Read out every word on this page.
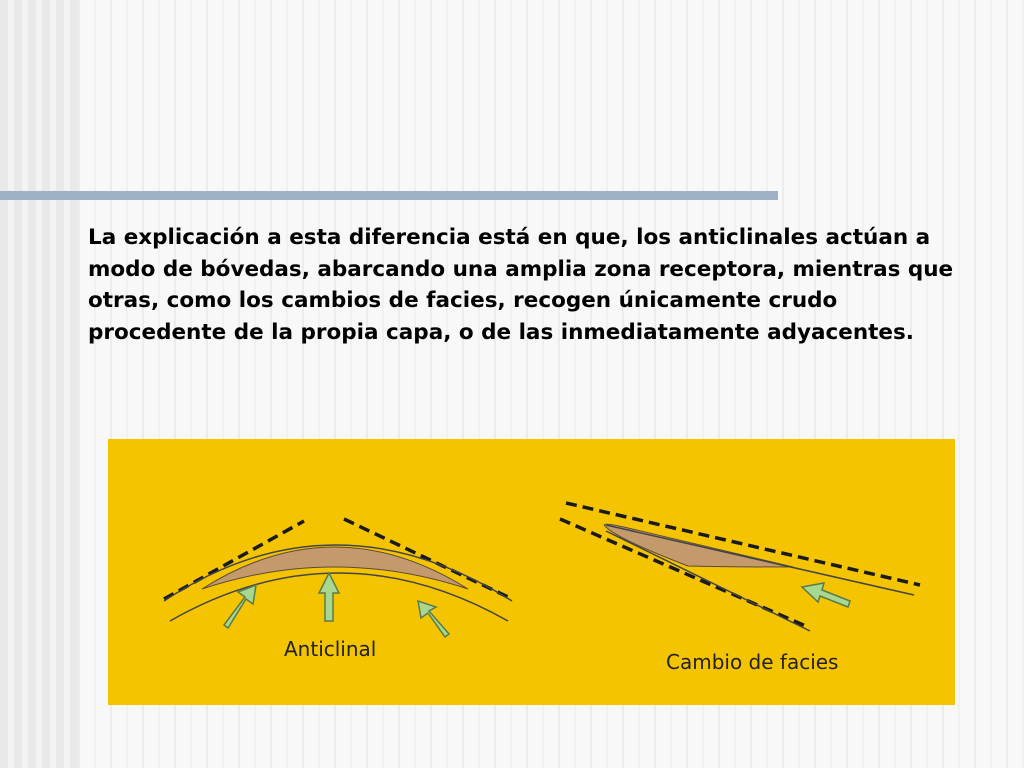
La explicación a esta diferencia está en que, los anticlinales actúan a modo de bóvedas, abarcando una amplia zona receptora, mientras que otras, como los cambios de facies, recogen únicamente crudo procedente de la propia capa, o de las inmediatamente adyacentes.

Anticlinal
Cambio de facies
